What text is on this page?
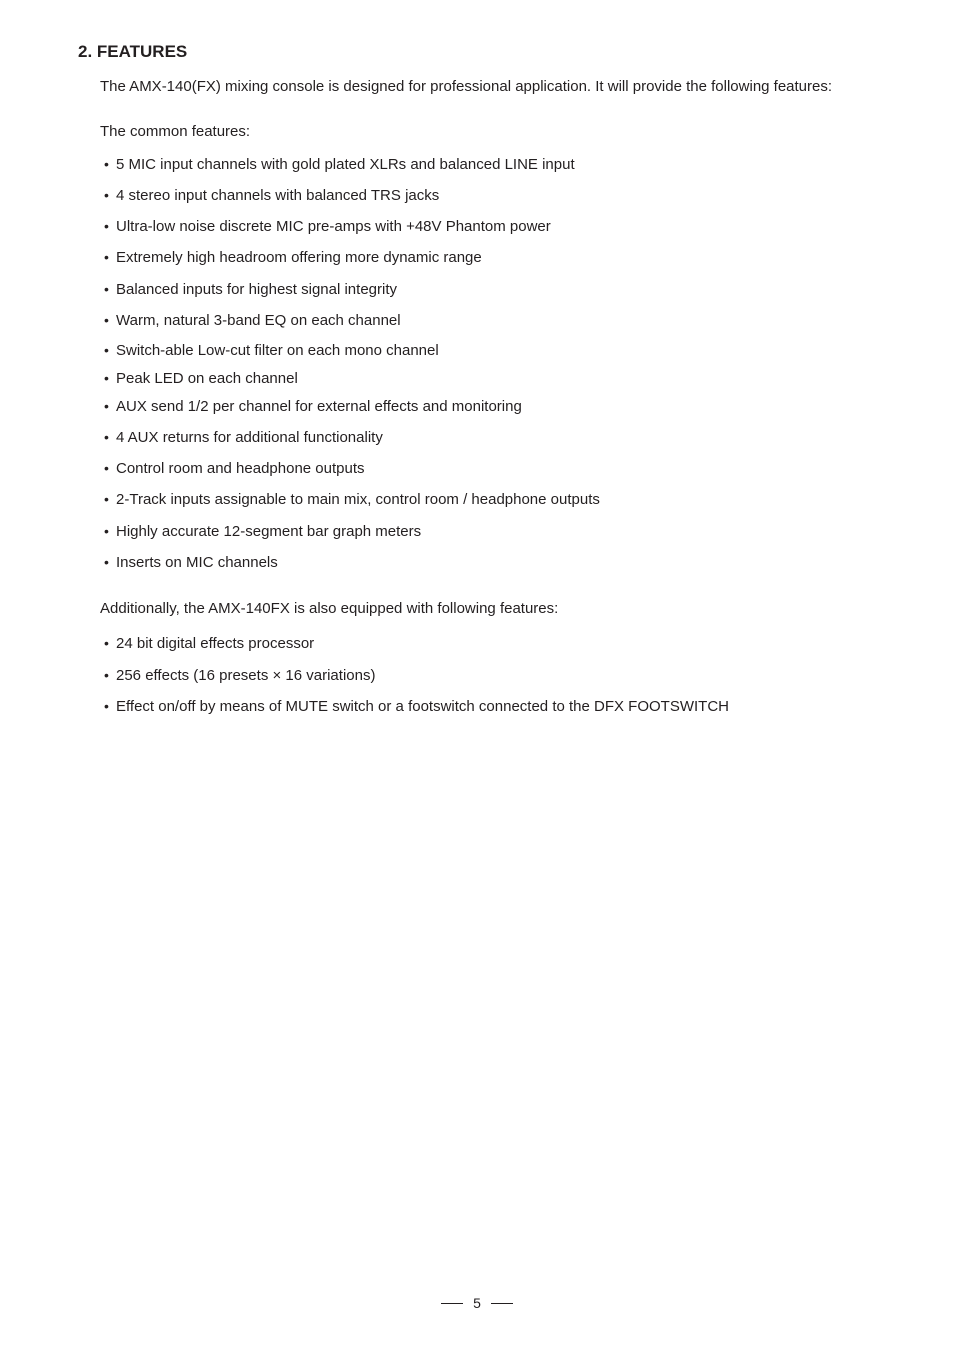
2. FEATURES

The AMX-140(FX) mixing console is designed for professional application. It will provide the following features:

The common features:

• 5 MIC input channels with gold plated XLRs and balanced LINE input
• 4 stereo input channels with balanced TRS jacks
• Ultra-low noise discrete MIC pre-amps with +48V Phantom power
• Extremely high headroom offering more dynamic range
• Balanced inputs for highest signal integrity
• Warm, natural 3-band EQ on each channel
• Switch-able Low-cut filter on each mono channel
• Peak LED on each channel
• AUX send 1/2 per channel for external effects and monitoring
• 4 AUX returns for additional functionality
• Control room and headphone outputs
• 2-Track inputs assignable to main mix, control room / headphone outputs
• Highly accurate 12-segment bar graph meters
• Inserts on MIC channels

Additionally, the AMX-140FX is also equipped with following features:

• 24 bit digital effects processor
• 256 effects (16 presets × 16 variations)
• Effect on/off by means of MUTE switch or a footswitch connected to the DFX FOOTSWITCH
5
